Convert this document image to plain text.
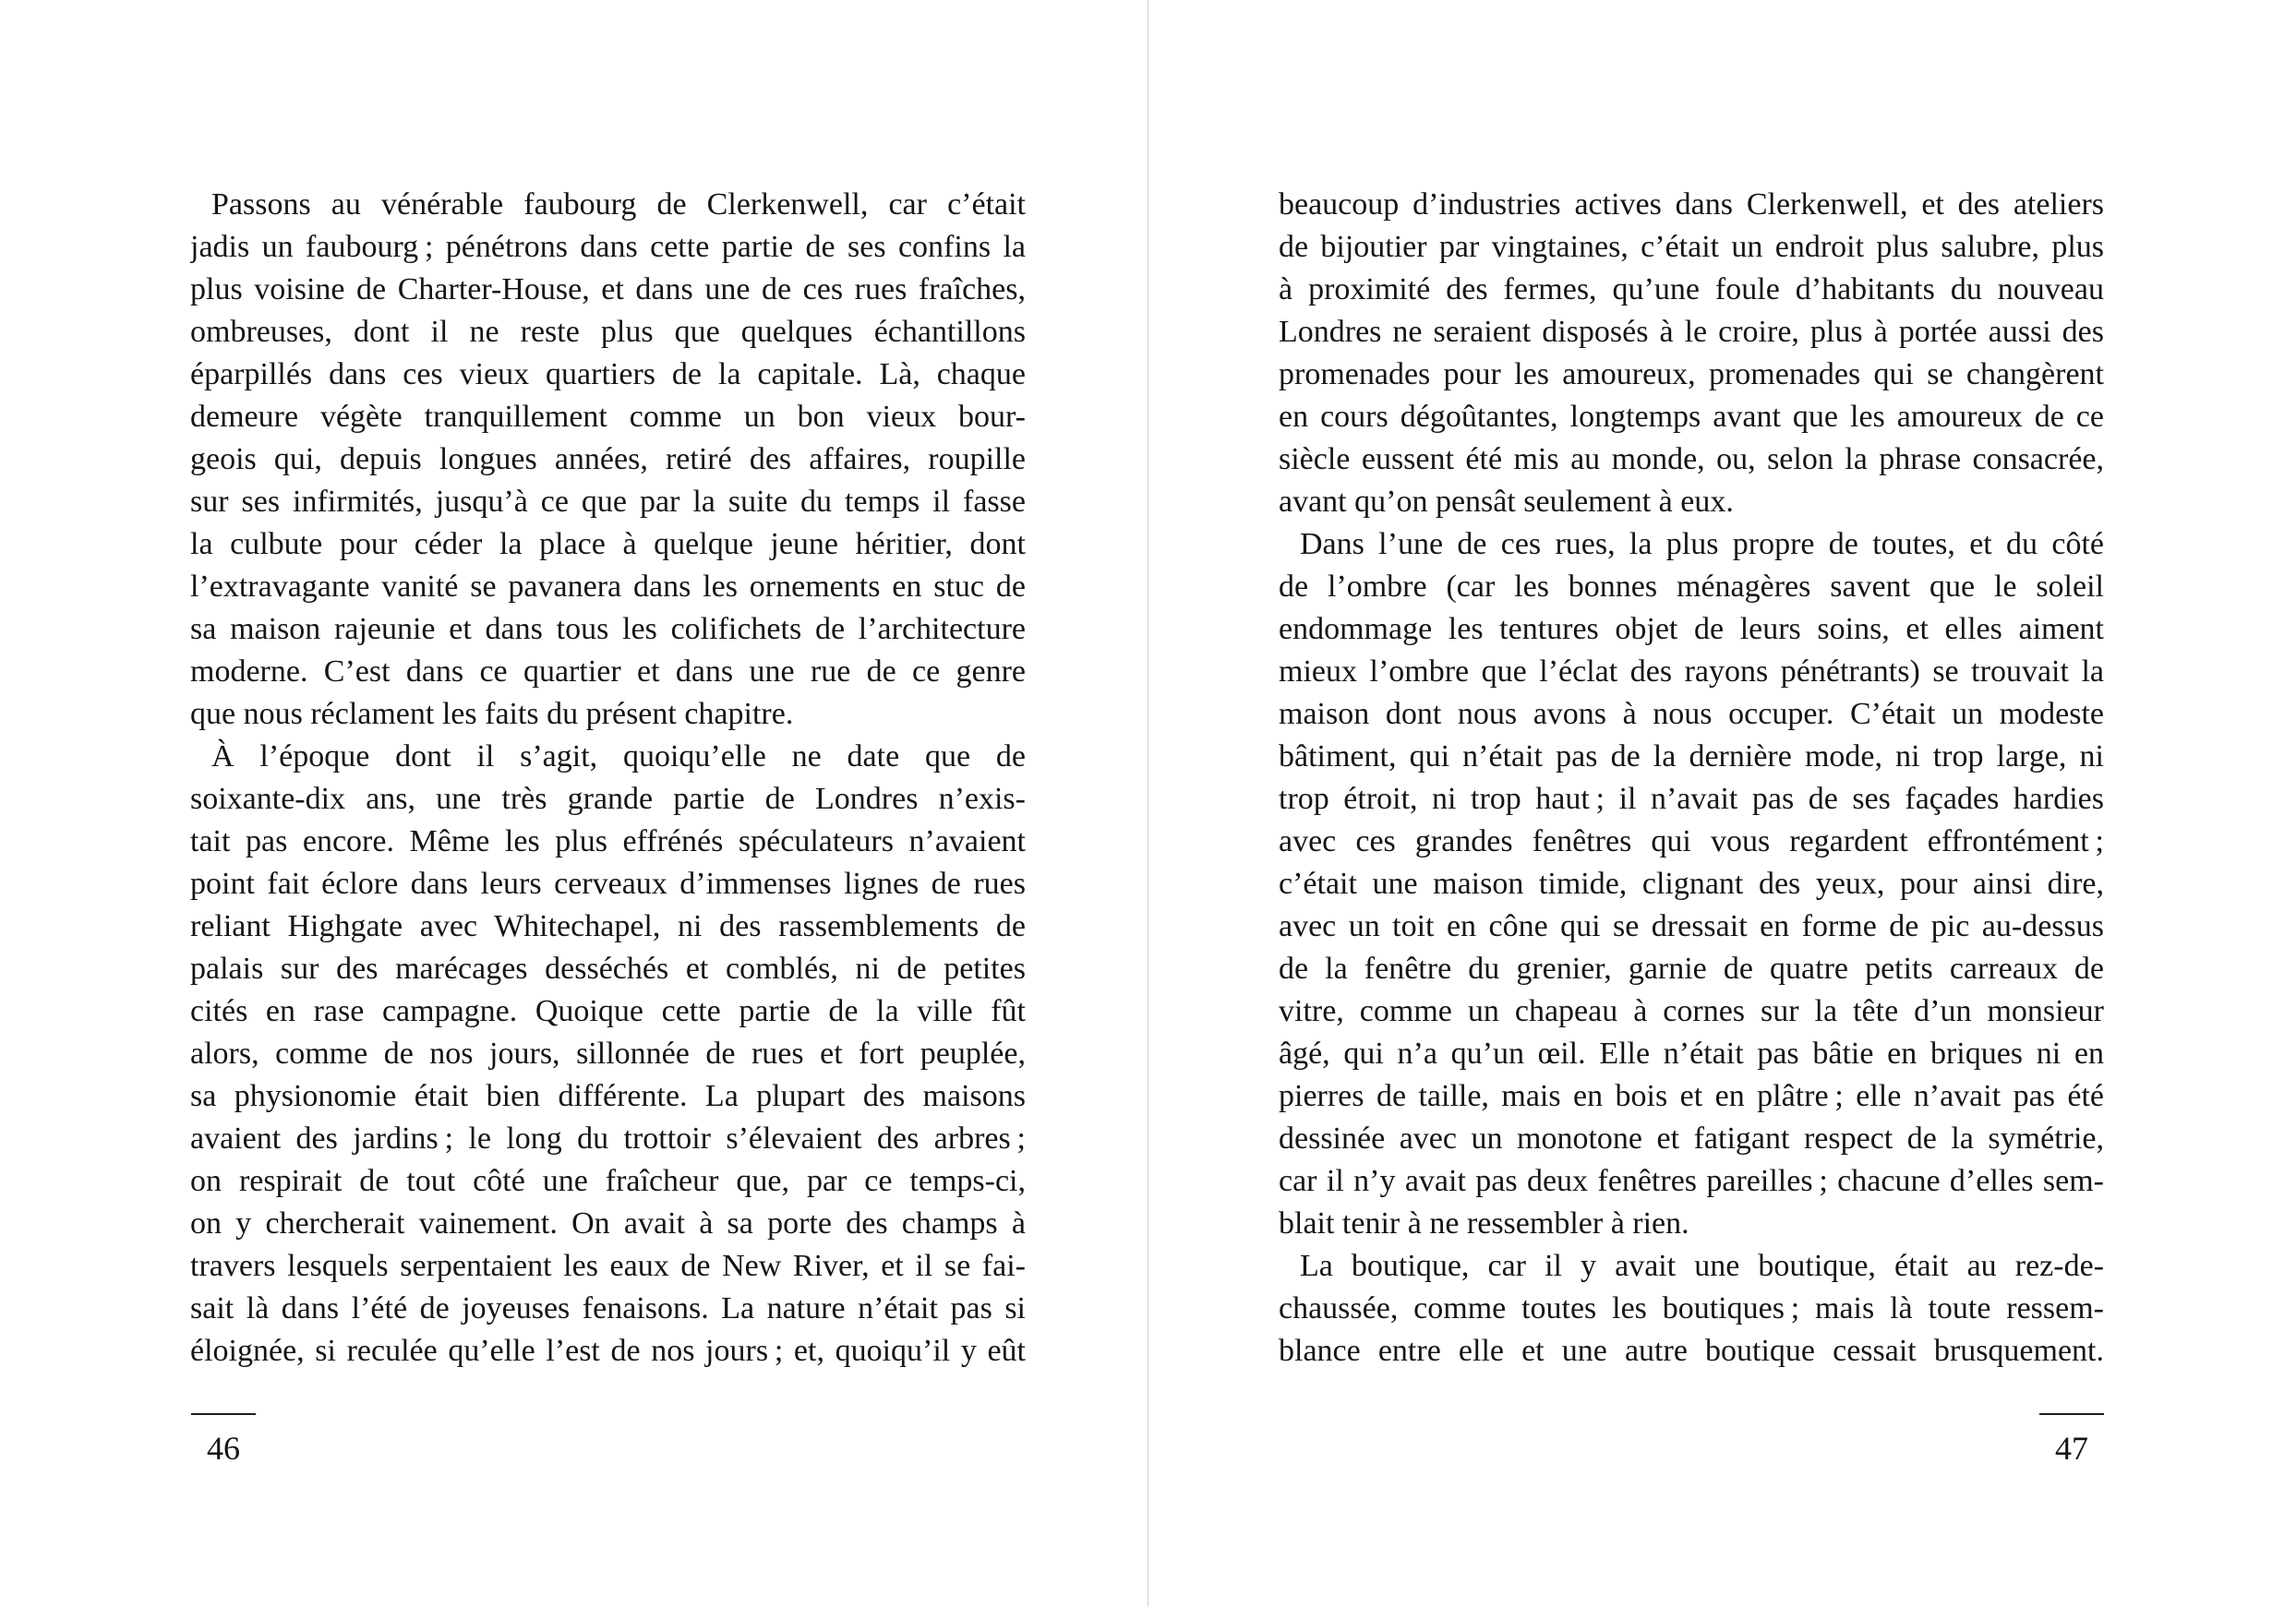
Passons au vénérable faubourg de Clerkenwell, car c’était
jadis un faubourg ; pénétrons dans cette partie de ses confins la
plus voisine de Charter-House, et dans une de ces rues fraîches,
ombreuses, dont il ne reste plus que quelques échantillons
éparpillés dans ces vieux quartiers de la capitale. Là, chaque
demeure végète tranquillement comme un bon vieux bour-
geois qui, depuis longues années, retiré des affaires, roupille
sur ses infirmités, jusqu’à ce que par la suite du temps il fasse
la culbute pour céder la place à quelque jeune héritier, dont
l’extravagante vanité se pavanera dans les ornements en stuc de
sa maison rajeunie et dans tous les colifichets de l’architecture
moderne. C’est dans ce quartier et dans une rue de ce genre
que nous réclament les faits du présent chapitre.
À l’époque dont il s’agit, quoiqu’elle ne date que de
soixante-dix ans, une très grande partie de Londres n’exis-
tait pas encore. Même les plus effrénés spéculateurs n’avaient
point fait éclore dans leurs cerveaux d’immenses lignes de rues
reliant Highgate avec Whitechapel, ni des rassemblements de
palais sur des marécages desséchés et comblés, ni de petites
cités en rase campagne. Quoique cette partie de la ville fût
alors, comme de nos jours, sillonnée de rues et fort peuplée,
sa physionomie était bien différente. La plupart des maisons
avaient des jardins ; le long du trottoir s’élevaient des arbres ;
on respirait de tout côté une fraîcheur que, par ce temps-ci,
on y chercherait vainement. On avait à sa porte des champs à
travers lesquels serpentaient les eaux de New River, et il se fai-
sait là dans l’été de joyeuses fenaisons. La nature n’était pas si
éloignée, si reculée qu’elle l’est de nos jours ; et, quoiqu’il y eût
46
beaucoup d’industries actives dans Clerkenwell, et des ateliers
de bijoutier par vingtaines, c’était un endroit plus salubre, plus
à proximité des fermes, qu’une foule d’habitants du nouveau
Londres ne seraient disposés à le croire, plus à portée aussi des
promenades pour les amoureux, promenades qui se changèrent
en cours dégoûtantes, longtemps avant que les amoureux de ce
siècle eussent été mis au monde, ou, selon la phrase consacrée,
avant qu’on pensât seulement à eux.
Dans l’une de ces rues, la plus propre de toutes, et du côté
de l’ombre (car les bonnes ménagères savent que le soleil
endommage les tentures objet de leurs soins, et elles aiment
mieux l’ombre que l’éclat des rayons pénétrants) se trouvait la
maison dont nous avons à nous occuper. C’était un modeste
bâtiment, qui n’était pas de la dernière mode, ni trop large, ni
trop étroit, ni trop haut ; il n’avait pas de ses façades hardies
avec ces grandes fenêtres qui vous regardent effrontément ;
c’était une maison timide, clignant des yeux, pour ainsi dire,
avec un toit en cône qui se dressait en forme de pic au-dessus
de la fenêtre du grenier, garnie de quatre petits carreaux de
vitre, comme un chapeau à cornes sur la tête d’un monsieur
âgé, qui n’a qu’un œil. Elle n’était pas bâtie en briques ni en
pierres de taille, mais en bois et en plâtre ; elle n’avait pas été
dessinée avec un monotone et fatigant respect de la symétrie,
car il n’y avait pas deux fenêtres pareilles ; chacune d’elles sem-
blait tenir à ne ressembler à rien.
La boutique, car il y avait une boutique, était au rez-de-
chaussée, comme toutes les boutiques ; mais là toute ressem-
blance entre elle et une autre boutique cessait brusquement.
47
